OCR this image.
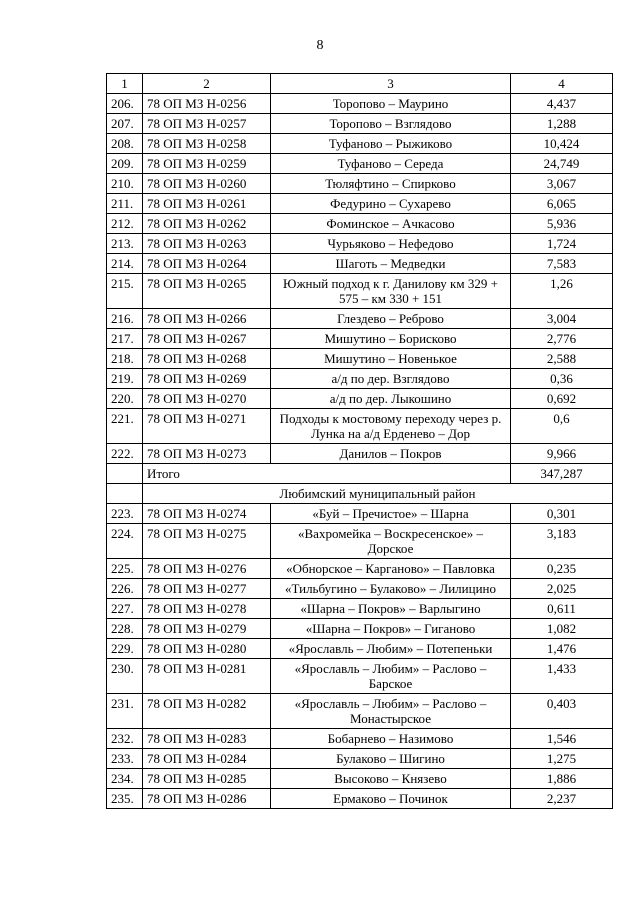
8
1	2	3	4
206.	78 ОП МЗ Н-0256	Торопово – Маурино	4,437
207.	78 ОП МЗ Н-0257	Торопово – Взглядово	1,288
208.	78 ОП МЗ Н-0258	Туфаново – Рыжиково	10,424
209.	78 ОП МЗ Н-0259	Туфаново – Середа	24,749
210.	78 ОП МЗ Н-0260	Тюляфтино – Спирково	3,067
211.	78 ОП МЗ Н-0261	Федурино – Сухарево	6,065
212.	78 ОП МЗ Н-0262	Фоминское – Ачкасово	5,936
213.	78 ОП МЗ Н-0263	Чурьяково – Нефедово	1,724
214.	78 ОП МЗ Н-0264	Шаготь – Медведки	7,583
215.	78 ОП МЗ Н-0265	Южный подход к г. Данилову км 329 + 575 – км 330 + 151	1,26
216.	78 ОП МЗ Н-0266	Глездево – Реброво	3,004
217.	78 ОП МЗ Н-0267	Мишутино – Борисково	2,776
218.	78 ОП МЗ Н-0268	Мишутино – Новенькое	2,588
219.	78 ОП МЗ Н-0269	а/д по дер. Взглядово	0,36
220.	78 ОП МЗ Н-0270	а/д по дер. Лыкошино	0,692
221.	78 ОП МЗ Н-0271	Подходы к мостовому переходу через р. Лунка на а/д Ерденево – Дор	0,6
222.	78 ОП МЗ Н-0273	Данилов – Покров	9,966
	Итого		347,287
	Любимский муниципальный район		
223.	78 ОП МЗ Н-0274	«Буй – Пречистое» – Шарна	0,301
224.	78 ОП МЗ Н-0275	«Вахромейка – Воскресенское» – Дорское	3,183
225.	78 ОП МЗ Н-0276	«Обнорское – Карганово» – Павловка	0,235
226.	78 ОП МЗ Н-0277	«Тильбугино – Булаково» – Лилицино	2,025
227.	78 ОП МЗ Н-0278	«Шарна – Покров» – Варлыгино	0,611
228.	78 ОП МЗ Н-0279	«Шарна – Покров» – Гиганово	1,082
229.	78 ОП МЗ Н-0280	«Ярославль – Любим» – Потепеньки	1,476
230.	78 ОП МЗ Н-0281	«Ярославль – Любим» – Раслово – Барское	1,433
231.	78 ОП МЗ Н-0282	«Ярославль – Любим» – Раслово – Монастырское	0,403
232.	78 ОП МЗ Н-0283	Бобарнево – Назимово	1,546
233.	78 ОП МЗ Н-0284	Булаково – Шигино	1,275
234.	78 ОП МЗ Н-0285	Высоково – Князево	1,886
235.	78 ОП МЗ Н-0286	Ермаково – Починок	2,237
